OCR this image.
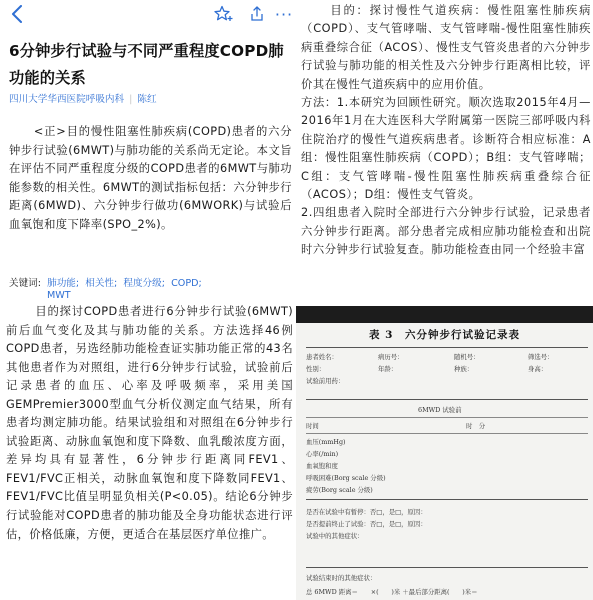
···
6分钟步行试验与不同严重程度COPD肺功能的关系
四川大学华西医院呼吸内科 | 陈红
<正>目的慢性阻塞性肺疾病(COPD)患者的六分钟步行试验(6MWT)与肺功能的关系尚无定论。本文旨在评估不同严重程度分级的COPD患者的6MWT与肺功能参数的相关性。6MWT的测试指标包括：六分钟步行距离(6MWD)、六分钟步行做功(6MWORK)与试验后血氧饱和度下降率(SPO_2%)。
关键词: 肺功能; 相关性; 程度分级; COPD;
MWT
目的探讨COPD患者进行6分钟步行试验(6MWT)前后血气变化及其与肺功能的关系。方法选择46例COPD患者，另选经肺功能检查证实肺功能正常的43名其他患者作为对照组，进行6分钟步行试验，试验前后记录患者的血压、心率及呼吸频率，采用美国GEMPremier3000型血气分析仪测定血气结果，所有患者均测定肺功能。结果试验组和对照组在6分钟步行试验距离、动脉血氧饱和度下降数、血乳酸浓度方面，差异均具有显著性，6分钟步行距离同FEV1、FEV1/FVC正相关，动脉血氧饱和度下降数同FEV1、FEV1/FVC比值呈明显负相关(P<0.05)。结论6分钟步行试验能对COPD患者的肺功能及全身功能状态进行评估，价格低廉，方便，更适合在基层医疗单位推广。

目的：探讨慢性气道疾病：慢性阻塞性肺疾病（COPD）、支气管哮喘、支气管哮喘-慢性阻塞性肺疾病重叠综合征（ACOS）、慢性支气管炎患者的六分钟步行试验与肺功能的相关性及六分钟步行距离相比较，评价其在慢性气道疾病中的应用价值。

方法：1.本研究为回顾性研究。顺次选取2015年4月—2016年1月在大连医科大学附属第一医院三部呼吸内科住院治疗的慢性气道疾病患者。诊断符合相应标准：A组：慢性阻塞性肺疾病（COPD）；B组：支气管哮喘；C组：支气管哮喘-慢性阻塞性肺疾病重叠综合征（ACOS）；D组：慢性支气管炎。

2.四组患者入院时全部进行六分钟步行试验，记录患者六分钟步行距离。部分患者完成相应肺功能检查和出院时六分钟步行试验复查。肺功能检查由同一个经验丰富

表 3　六分钟步行试验记录表
患者姓名：	病历号：	随机号：	筛选号：
性别：	年龄：	种族：	身高：
试验前用药：
6MWD 试验前
时间	时　分
血压(mmHg)
心率(/min)
血氧饱和度
呼吸困难(Borg scale 分级)
疲劳(Borg scale 分级)
是否在试验中有暂停：否□，是□，原因：
是否提前终止了试验：否□，是□，原因：
试验中的其他症状：
试验结束时的其他症状：
总 6MWD 距离＝　　×(　　)米 ＋最后部分距离(　　)米＝
